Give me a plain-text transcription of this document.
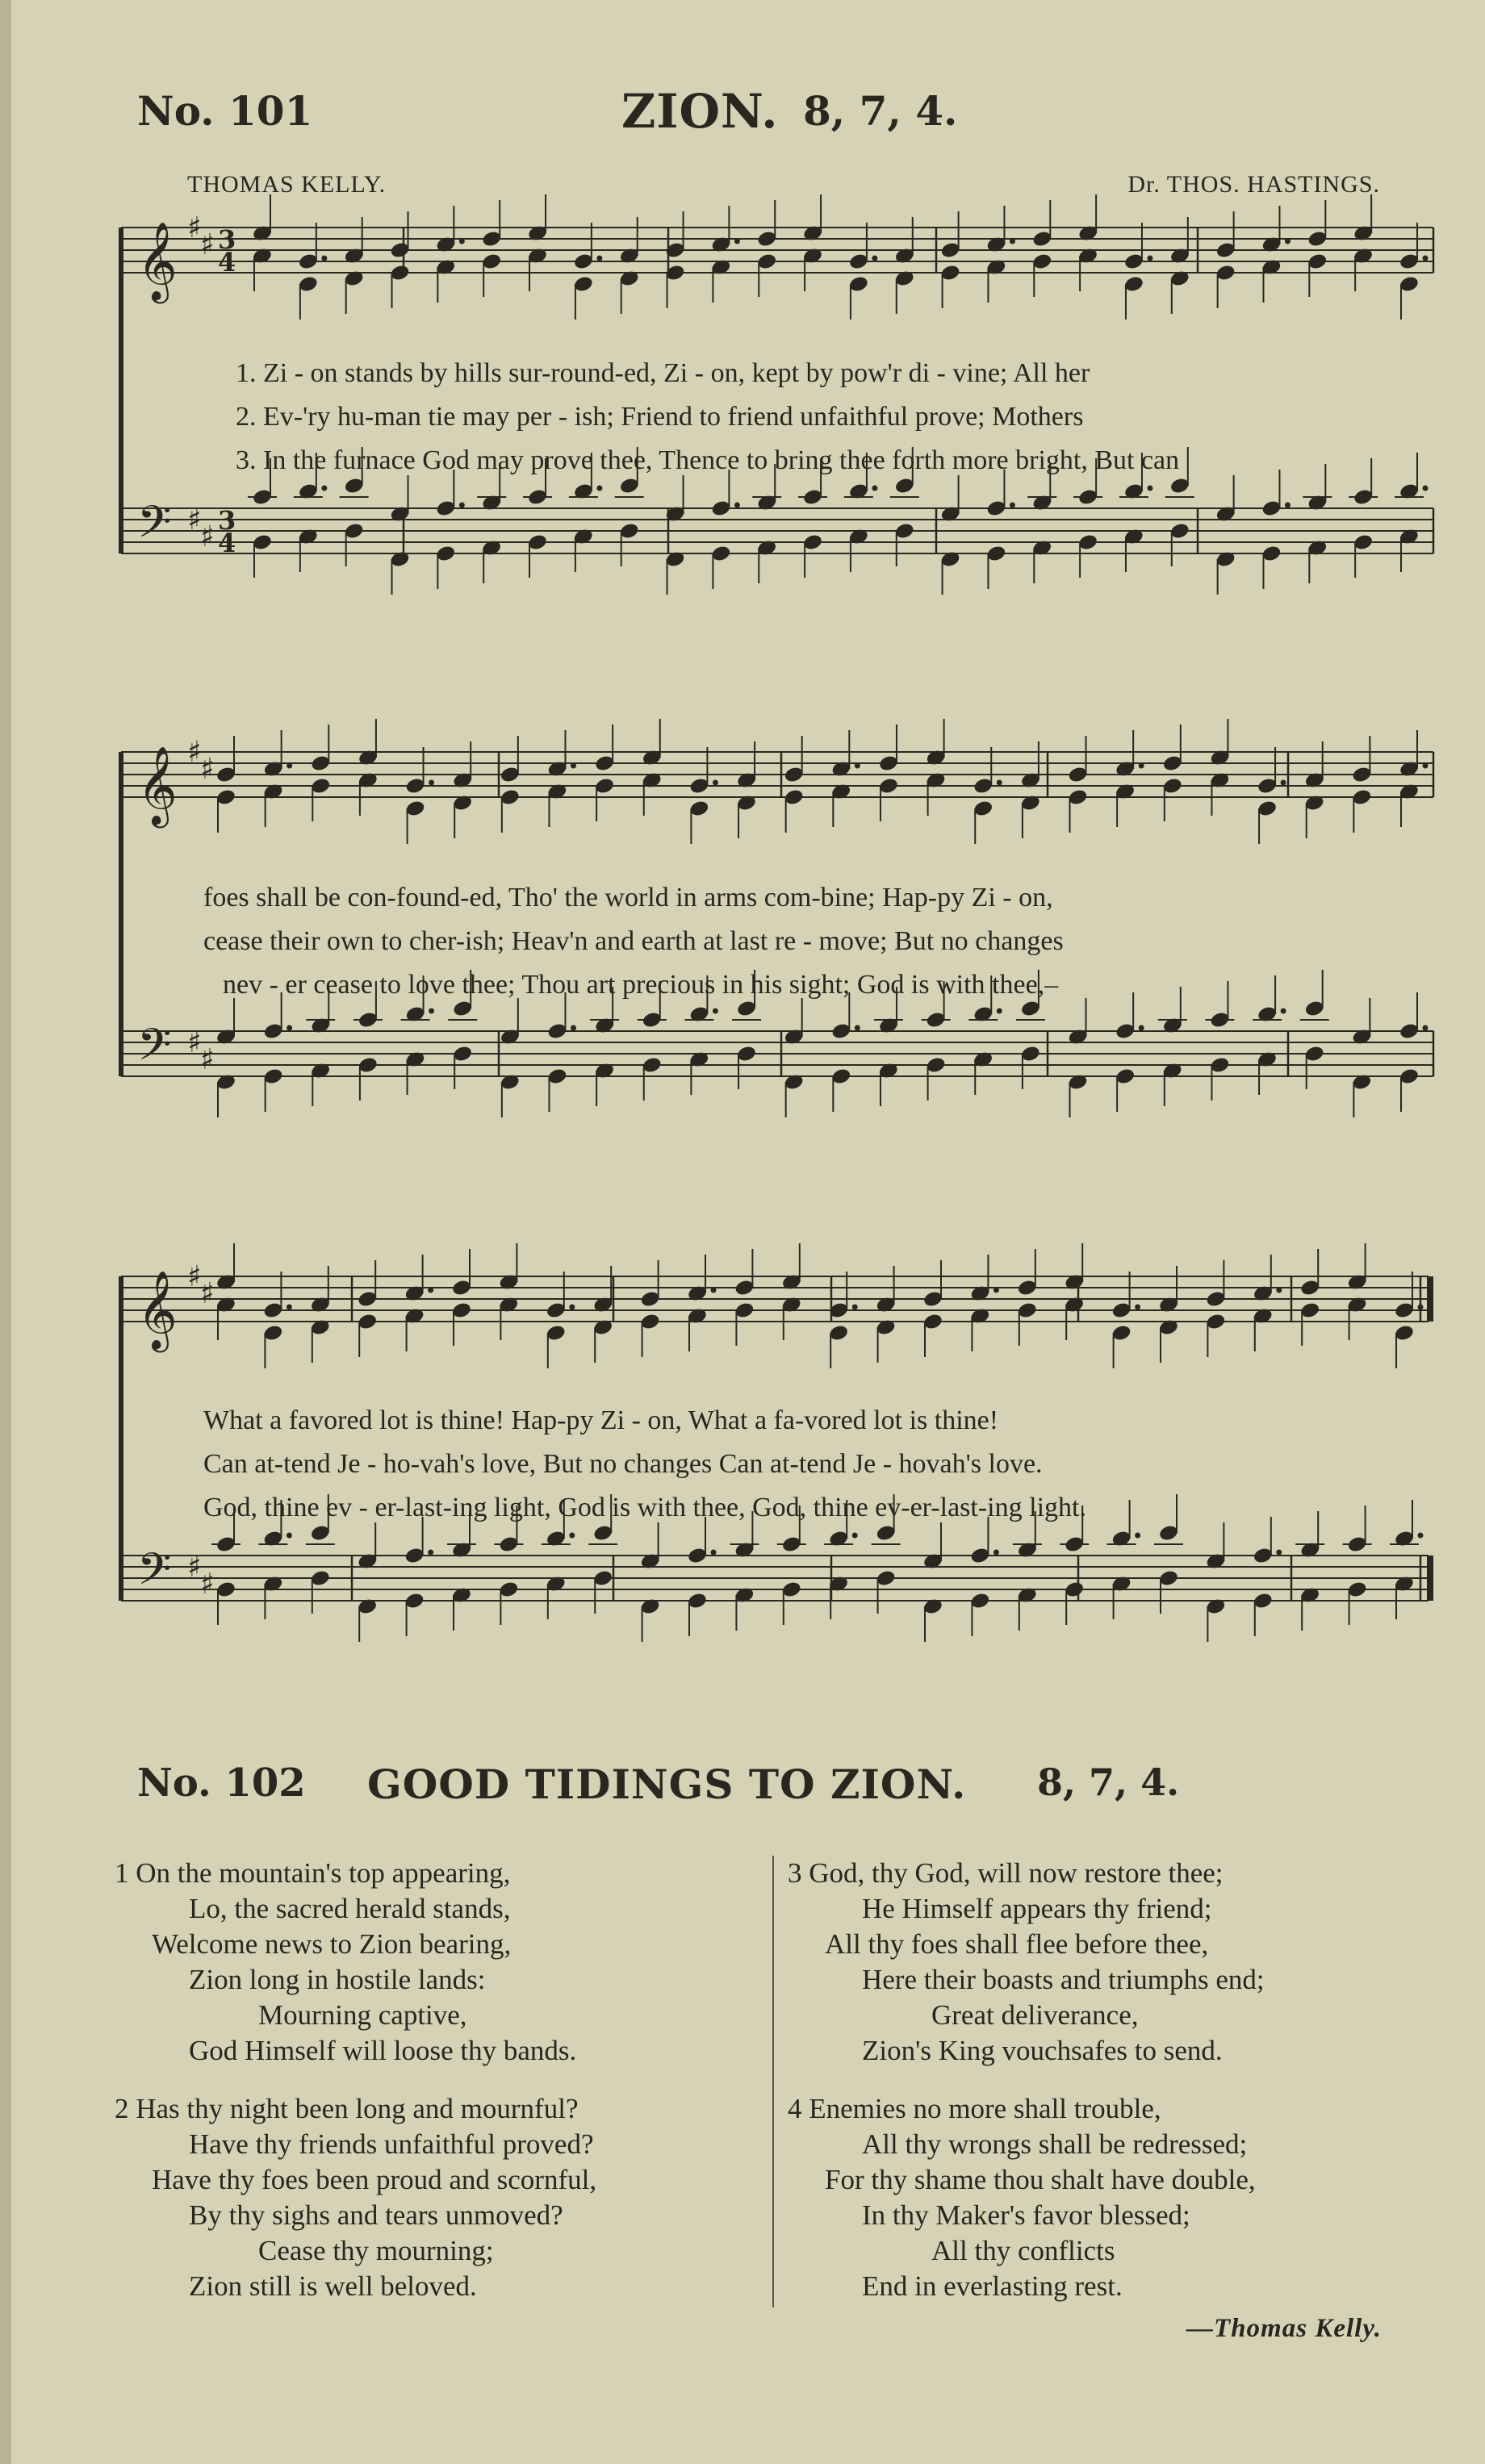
No. 101	ZION. 8, 7, 4.
THOMAS KELLY.	Dr. THOS. HASTINGS.
𝄞 ♯
♯ 3
4
𝄢 ♯
♯ 3
4
𝄞 ♯
♯
𝄢 ♯
♯
𝄞 ♯
♯
𝄢 ♯
♯
1. Zi - on stands by hills sur-round-ed, Zi - on, kept by pow'r di - vine; All her
2. Ev-'ry hu-man tie may per - ish; Friend to friend unfaithful prove; Mothers
3. In the furnace God may prove thee, Thence to bring thee forth more bright, But can
foes shall be con-found-ed, Tho' the world in arms com-bine; Hap-py Zi - on,
cease their own to cher-ish; Heav'n and earth at last re - move; But no changes
nev - er cease to love thee; Thou art precious in his sight; God is with thee,–
What a favored lot is thine! Hap-py Zi - on, What a fa-vored lot is thine!
Can at-tend Je - ho-vah's love, But no changes Can at-tend Je - hovah's love.
God, thine ev - er-last-ing light, God is with thee, God, thine ev-er-last-ing light.
No. 102 GOOD TIDINGS TO ZION. 8, 7, 4.
1 On the mountain's top appearing,
Lo, the sacred herald stands,
Welcome news to Zion bearing,
Zion long in hostile lands:
Mourning captive,
God Himself will loose thy bands.
2 Has thy night been long and mournful?
Have thy friends unfaithful proved?
Have thy foes been proud and scornful,
By thy sighs and tears unmoved?
Cease thy mourning;
Zion still is well beloved.
3 God, thy God, will now restore thee;
He Himself appears thy friend;
All thy foes shall flee before thee,
Here their boasts and triumphs end;
Great deliverance,
Zion's King vouchsafes to send.
4 Enemies no more shall trouble,
All thy wrongs shall be redressed;
For thy shame thou shalt have double,
In thy Maker's favor blessed;
All thy conflicts
End in everlasting rest.
—Thomas Kelly.
